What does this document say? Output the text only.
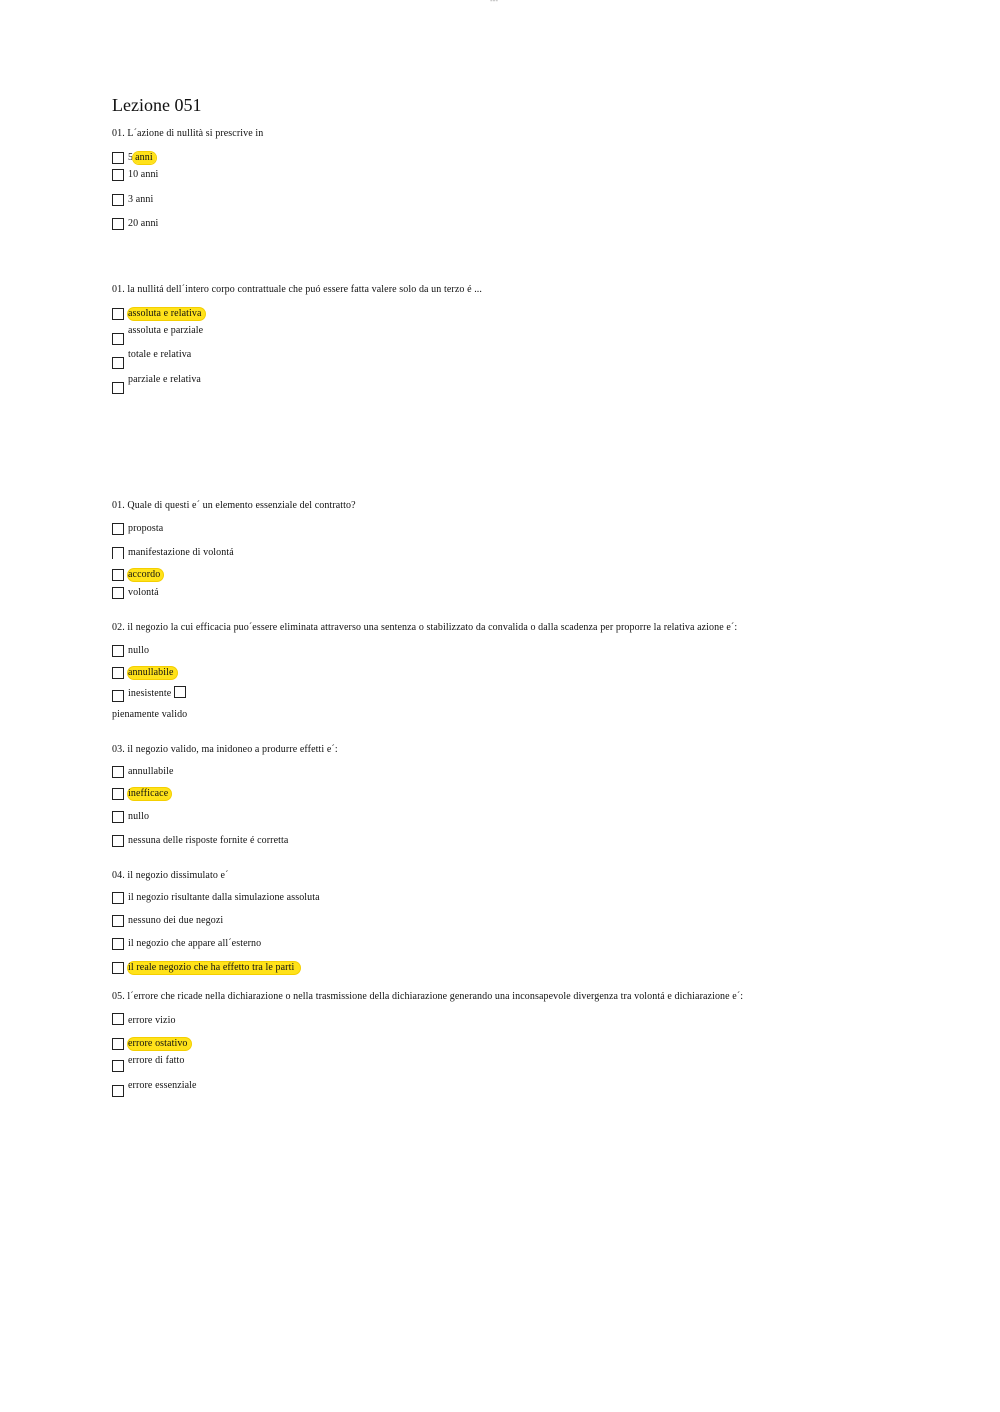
---
Lezione 051
01. L´azione di nullità si prescrive in
5 anni
10 anni
3 anni
20 anni
01. la nullitá dell´intero corpo contrattuale che puó essere fatta valere solo da un terzo é ...
assoluta e relativa
assoluta e parziale
totale e relativa
parziale e relativa
01. Quale di questi e´ un elemento essenziale del contratto?
proposta
manifestazione di volontá
accordo
volontá
02. il negozio la cui efficacia puo´essere eliminata attraverso una sentenza o stabilizzato da convalida o dalla scadenza per proporre la relativa azione e´:
nullo
annullabile
inesistente
pienamente valido
03. il negozio valido, ma inidoneo a produrre effetti e´:
annullabile
inefficace
nullo
nessuna delle risposte fornite é corretta
04. il negozio dissimulato e´
il negozio risultante dalla simulazione assoluta
nessuno dei due negozi
il negozio che appare all´esterno
il reale negozio che ha effetto tra le parti
05. l´errore che ricade nella dichiarazione o nella trasmissione della dichiarazione generando una inconsapevole divergenza tra volontá e dichiarazione e´:
errore vizio
errore ostativo
errore di fatto
errore essenziale
